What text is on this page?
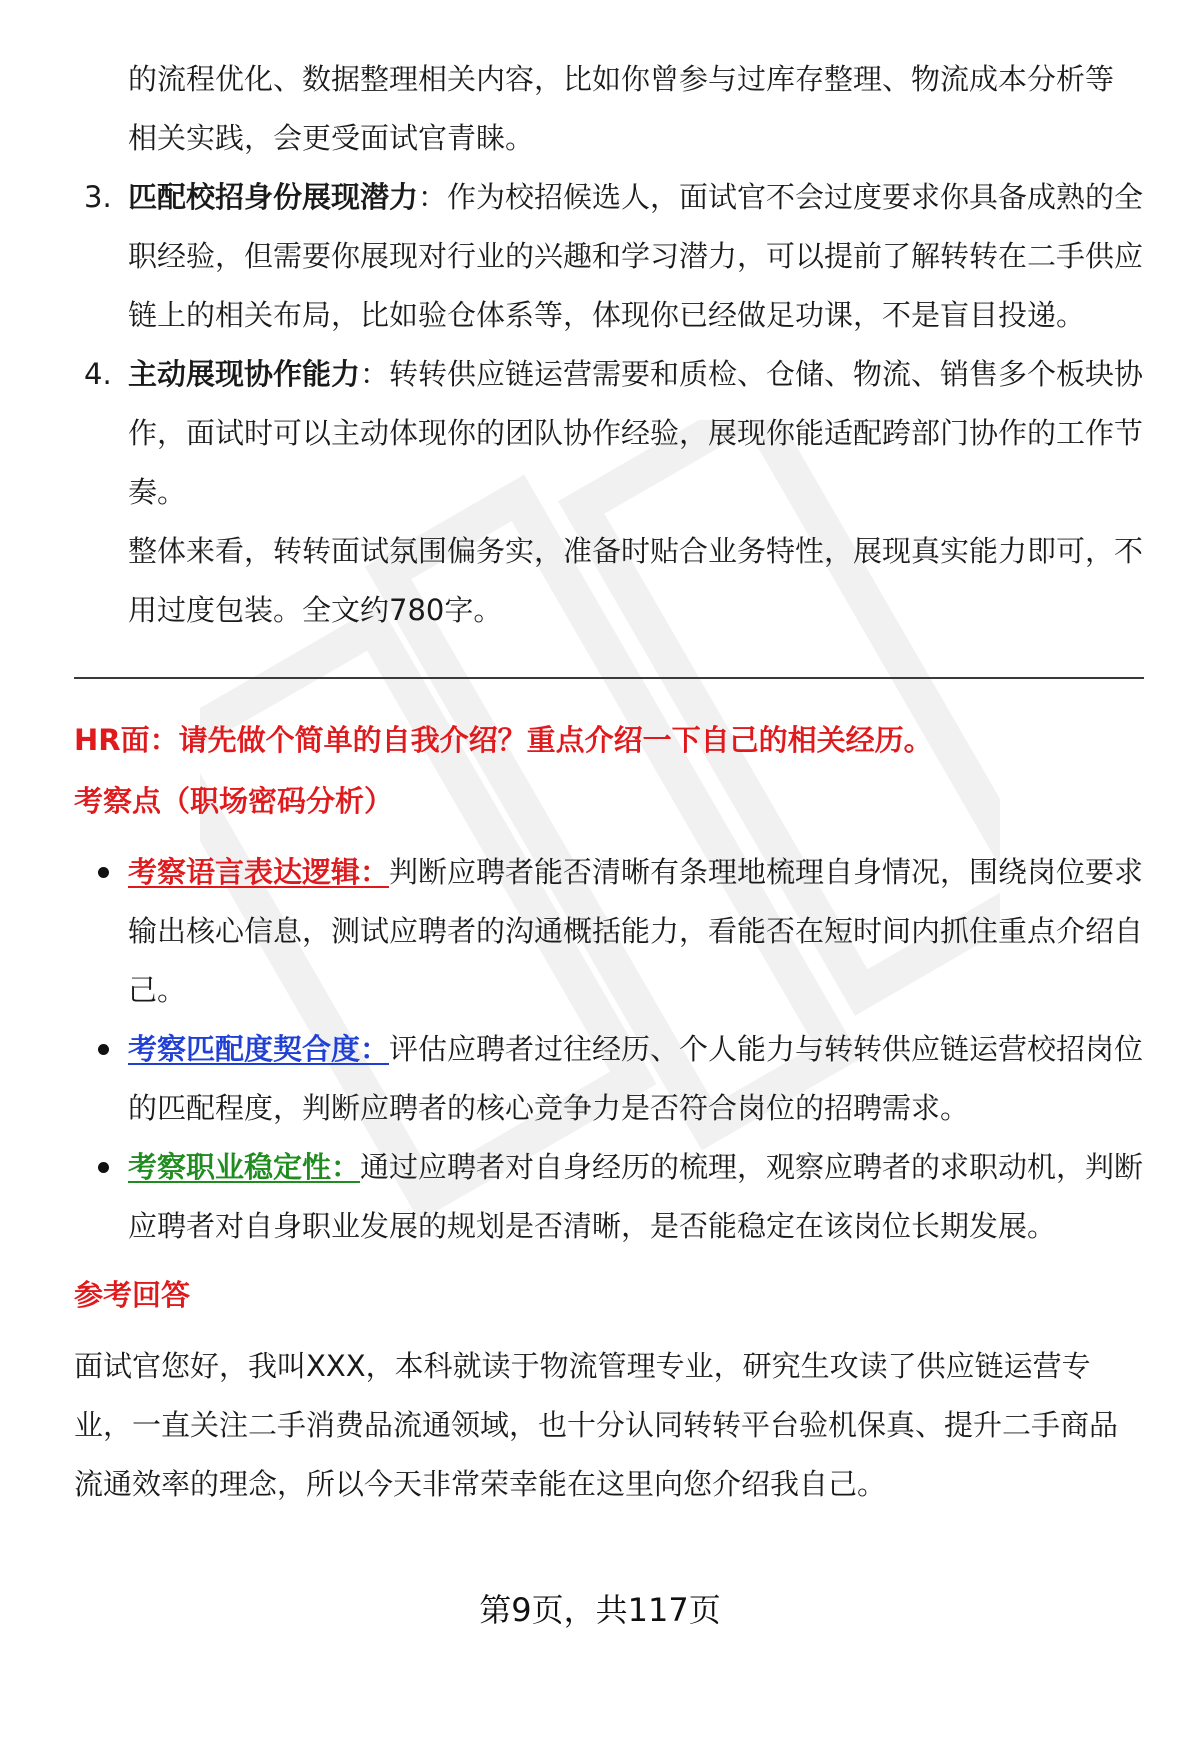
的流程优化、数据整理相关内容，比如你曾参与过库存整理、物流成本分析等

相关实践，会更受面试官青睐。

3. 匹配校招身份展现潜力：作为校招候选人，面试官不会过度要求你具备成熟的全职经验，但需要你展现对行业的兴趣和学习潜力，可以提前了解转转在二手供应链上的相关布局，比如验仓体系等，体现你已经做足功课，不是盲目投递。
4. 主动展现协作能力：转转供应链运营需要和质检、仓储、物流、销售多个板块协作，面试时可以主动体现你的团队协作经验，展现你能适配跨部门协作的工作节奏。

整体来看，转转面试氛围偏务实，准备时贴合业务特性，展现真实能力即可，不用过度包装。全文约780字。

HR面：请先做个简单的自我介绍？重点介绍一下自己的相关经历。

考察点（职场密码分析）

考察语言表达逻辑：判断应聘者能否清晰有条理地梳理自身情况，围绕岗位要求输出核心信息，测试应聘者的沟通概括能力，看能否在短时间内抓住重点介绍自己。
考察匹配度契合度：评估应聘者过往经历、个人能力与转转供应链运营校招岗位的匹配程度，判断应聘者的核心竞争力是否符合岗位的招聘需求。
考察职业稳定性：通过应聘者对自身经历的梳理，观察应聘者的求职动机，判断应聘者对自身职业发展的规划是否清晰，是否能稳定在该岗位长期发展。

参考回答

面试官您好，我叫XXX，本科就读于物流管理专业，研究生攻读了供应链运营专业，一直关注二手消费品流通领域，也十分认同转转平台验机保真、提升二手商品流通效率的理念，所以今天非常荣幸能在这里向您介绍我自己。

第9页，共117页
